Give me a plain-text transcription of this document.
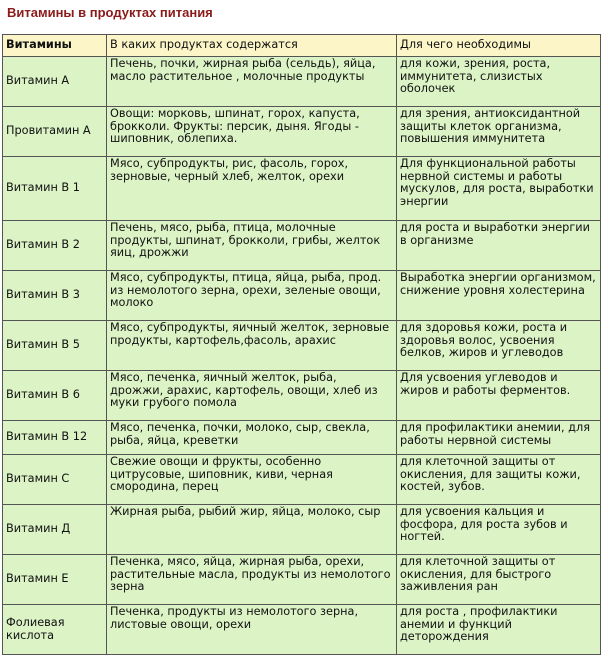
Витамины в продуктах питания
Витамины	В каких продуктах содержатся	Для чего необходимы
Витамин А	Печень, почки, жирная рыба (сельдь), яйца, масло растительное , молочные продукты	для кожи, зрения, роста, иммунитета, слизистых оболочек
Провитамин А	Овощи: морковь, шпинат, горох, капуста, брокколи. Фрукты: персик, дыня. Ягоды - шиповник, облепиха.	для зрения, антиоксидантной защиты клеток организма, повышения иммунитета
Витамин В 1	Мясо, субпродукты, рис, фасоль, горох, зерновые, черный хлеб, желток, орехи	Для функциональной работы нервной системы и работы мускулов, для роста, выработки энергии
Витамин В 2	Печень, мясо, рыба, птица, молочные продукты, шпинат, брокколи, грибы, желток яиц, дрожжи	для роста и выработки энергии в организме
Витамин В 3	Мясо, субпродукты, птица, яйца, рыба, прод. из немолотого зерна, орехи, зеленые овощи, молоко	Выработка энергии организмом, снижение уровня холестерина
Витамин В 5	Мясо, субпродукты, яичный желток, зерновые продукты, картофель,фасоль, арахис	для здоровья кожи, роста и здоровья волос, усвоения белков, жиров и углеводов
Витамин В 6	Мясо, печенка, яичный желток, рыба, дрожжи, арахис, картофель, овощи, хлеб из муки грубого помола	Для усвоения углеводов и жиров и работы ферментов.
Витамин В 12	Мясо, печенка, почки, молоко, сыр, свекла, рыба, яйца, креветки	для профилактики анемии, для работы нервной системы
Витамин С	Свежие овощи и фрукты, особенно цитрусовые, шиповник, киви, черная смородина, перец	для клеточной защиты от окисления, для защиты кожи, костей, зубов.
Витамин Д	Жирная рыба, рыбий жир, яйца, молоко, сыр	для усвоения кальция и фосфора, для роста зубов и ногтей.
Витамин Е	Печенка, мясо, яйца, жирная рыба, орехи, растительные масла, продукты из немолотого зерна	для клеточной защиты от окисления, для быстрого заживления ран
Фолиевая кислота	Печенка, продукты из немолотого зерна, листовые овощи, орехи	для роста , профилактики анемии и функций деторождения
